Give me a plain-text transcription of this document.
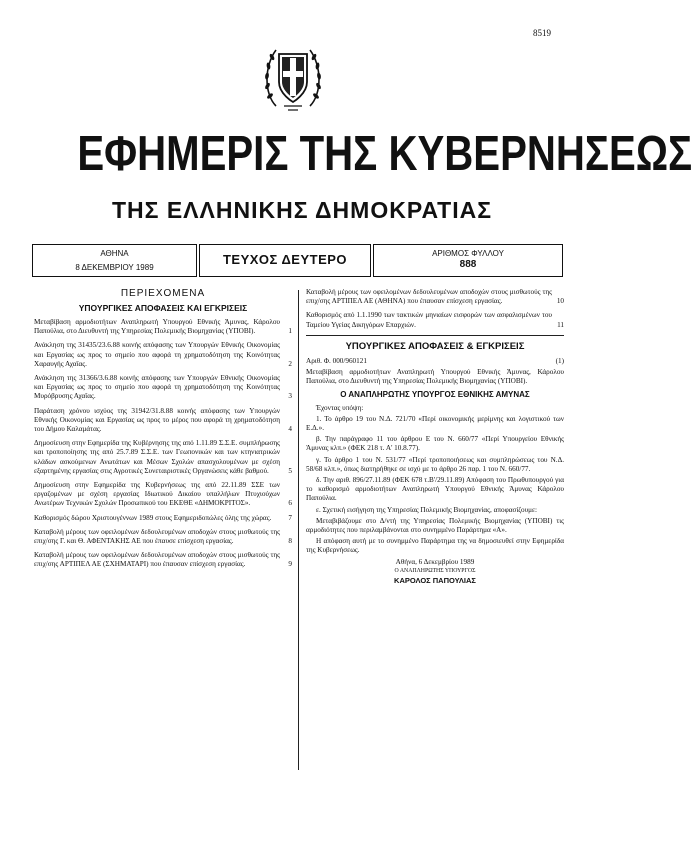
8519
ΕΦΗΜΕΡΙΣ ΤΗΣ ΚΥΒΕΡΝΗΣΕΩΣ
ΤΗΣ ΕΛΛΗΝΙΚΗΣ ΔΗΜΟΚΡΑΤΙΑΣ
ΑΘΗΝΑ
8 ΔΕΚΕΜΒΡΙΟΥ 1989
ΤΕΥΧΟΣ ΔΕΥΤΕΡΟ	ΑΡΙΘΜΟΣ ΦΥΛΛΟΥ
888
ΠΕΡΙΕΧΟΜΕΝΑ
ΥΠΟΥΡΓΙΚΕΣ ΑΠΟΦΑΣΕΙΣ ΚΑΙ ΕΓΚΡΙΣΕΙΣ

Μεταβίβαση αρμοδιοτήτων Αναπληρωτή Υπουργού Εθνικής Άμυνας, Κάρολου Παπούλια, στο Διευθυντή της Υπηρεσίας Πολεμικής Βιομηχανίας (ΥΠΟΒΙ).	1

Ανάκληση της 31435/23.6.88 κοινής απόφασης των Υπουργών Εθνικής Οικονομίας και Εργασίας ως προς το σημείο που αφορά τη χρηματοδότηση της Κοινότητας Χαραυγής Αχαΐας.	2

Ανάκληση της 31366/3.6.88 κοινής απόφασης των Υπουργών Εθνικής Οικονομίας και Εργασίας ως προς το σημείο που αφορά τη χρηματοδότηση της Κοινότητας Μυρόβρυσης Αχαΐας.	3

Παράταση χρόνου ισχύος της 31942/31.8.88 κοινής απόφασης των Υπουργών Εθνικής Οικονομίας και Εργασίας ως προς το μέρος που αφορά τη χρηματοδότηση του Δήμου Καλαμάτας.	4

Δημοσίευση στην Εφημερίδα της Κυβέρνησης της από 1.11.89 Σ.Σ.Ε. συμπλήρωσης και τροποποίησης της από 25.7.89 Σ.Σ.Ε. των Γεωπονικών και των κτηνιατρικών κλάδων ασκούμενων Ανωτάτων και Μέσων Σχολών απασχολουμένων με σχέση εξαρτημένης εργασίας στις Αγροτικές Συνεταιριστικές Οργανώσεις κάθε βαθμού.	5

Δημοσίευση στην Εφημερίδα της Κυβερνήσεως της από 22.11.89 ΣΣΕ των εργαζομένων με σχέση εργασίας Ιδιωτικού Δικαίου υπαλλήλων Πτυχιούχων Ανωτέρων Τεχνικών Σχολών Προσωπικού του ΕΚΕΘΕ «ΔΗΜΟΚΡΙΤΟΣ».	6

Καθορισμός δώρου Χριστουγέννων 1989 στους Εφημεριδοπώλες όλης της χώρας. 7

Καταβολή μέρους των οφειλομένων δεδουλευμένων αποδοχών στους μισθωτούς της επιχ/σης Γ. και Θ. ΑΦΕΝΤΑΚΗΣ ΑΕ που έπαυσε επίσχεση εργασίας.	8

Καταβολή μέρους των οφειλομένων δεδουλευμένων αποδοχών στους μισθωτούς της επιχ/σης ΑΡΤΙΠΕΛ ΑΕ (ΣΧΗΜΑΤΑΡΙ) που έπαυσαν επίσχεση εργασίας.	9

Καταβολή μέρους των οφειλομένων δεδουλευμένων αποδοχών στους μισθωτούς της επιχ/σης ΑΡΤΙΠΕΛ ΑΕ (ΑΘΗΝΑ) που έπαυσαν επίσχεση εργασίας.	10

Καθορισμός από 1.1.1990 των τακτικών μηνιαίων εισφορών των ασφαλισμένων του Ταμείου Υγείας Δικηγόρων Επαρχιών.	11

ΥΠΟΥΡΓΙΚΕΣ ΑΠΟΦΑΣΕΙΣ & ΕΓΚΡΙΣΕΙΣ
Αριθ. Φ. 000/960121	(1)

Μεταβίβαση αρμοδιοτήτων Αναπληρωτή Υπουργού Εθνικής Άμυνας, Κάρολου Παπούλια, στο Διευθυντή της Υπηρεσίας Πολεμικής Βιομηχανίας (ΥΠΟΒΙ).

Ο ΑΝΑΠΛΗΡΩΤΗΣ ΥΠΟΥΡΓΟΣ ΕΘΝΙΚΗΣ ΑΜΥΝΑΣ

Έχοντας υπόψη:

1. Το άρθρο 19 του Ν.Δ. 721/70 «Περί οικονομικής μερίμνης και λογιστικού των Ε.Δ.».

β. Την παράγραφο 11 του άρθρου Ε του Ν. 660/77 «Περί Υπουργείου Εθνικής Άμυνας κλπ.» (ΦΕΚ 218 τ. Α' 10.8.77).

γ. Το άρθρο 1 του Ν. 531/77 «Περί τροποποιήσεως και συμπληρώσεως του Ν.Δ. 58/68 κλπ.», όπως διατηρήθηκε σε ισχύ με το άρθρο 26 παρ. 1 του Ν. 660/77.

δ. Την αριθ. 896/27.11.89 (ΦΕΚ 678 τ.Β'/29.11.89) Απόφαση του Πρωθυπουργού για το καθορισμό αρμοδιοτήτων Αναπληρωτή Υπουργού Εθνικής Άμυνας Κάρολου Παπούλια.

ε. Σχετική εισήγηση της Υπηρεσίας Πολεμικής Βιομηχανίας, αποφασίζουμε:

Μεταβιβάζουμε στο Δ/ντή της Υπηρεσίας Πολεμικής Βιομηχανίας (ΥΠΟΒΙ) τις αρμοδιότητες που περιλαμβάνονται στο συνημμένο Παράρτημα «Α».

Η απόφαση αυτή με το συνημμένο Παράρτημα της να δημοσιευθεί στην Εφημερίδα της Κυβερνήσεως.

Αθήνα, 6 Δεκεμβρίου 1989

Ο ΑΝΑΠΛΗΡΩΤΗΣ ΥΠΟΥΡΓΟΣ

ΚΑΡΟΛΟΣ ΠΑΠΟΥΛΙΑΣ
